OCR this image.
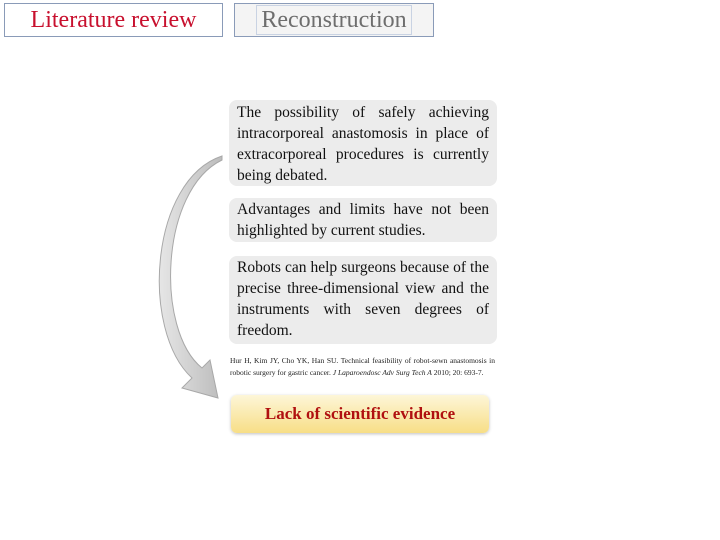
Literature review	Reconstruction
The possibility of safely achieving intracorporeal anastomosis in place of extracorporeal procedures is currently being debated.
Advantages and limits have not been highlighted by current studies.
Robots can help surgeons because of the precise three-dimensional view and the instruments with seven degrees of freedom.
Hur H, Kim JY, Cho YK, Han SU. Technical feasibility of robot-sewn anastomosis in robotic surgery for gastric cancer. J Laparoendosc Adv Surg Tech A 2010; 20: 693-7.
Lack of scientific evidence
